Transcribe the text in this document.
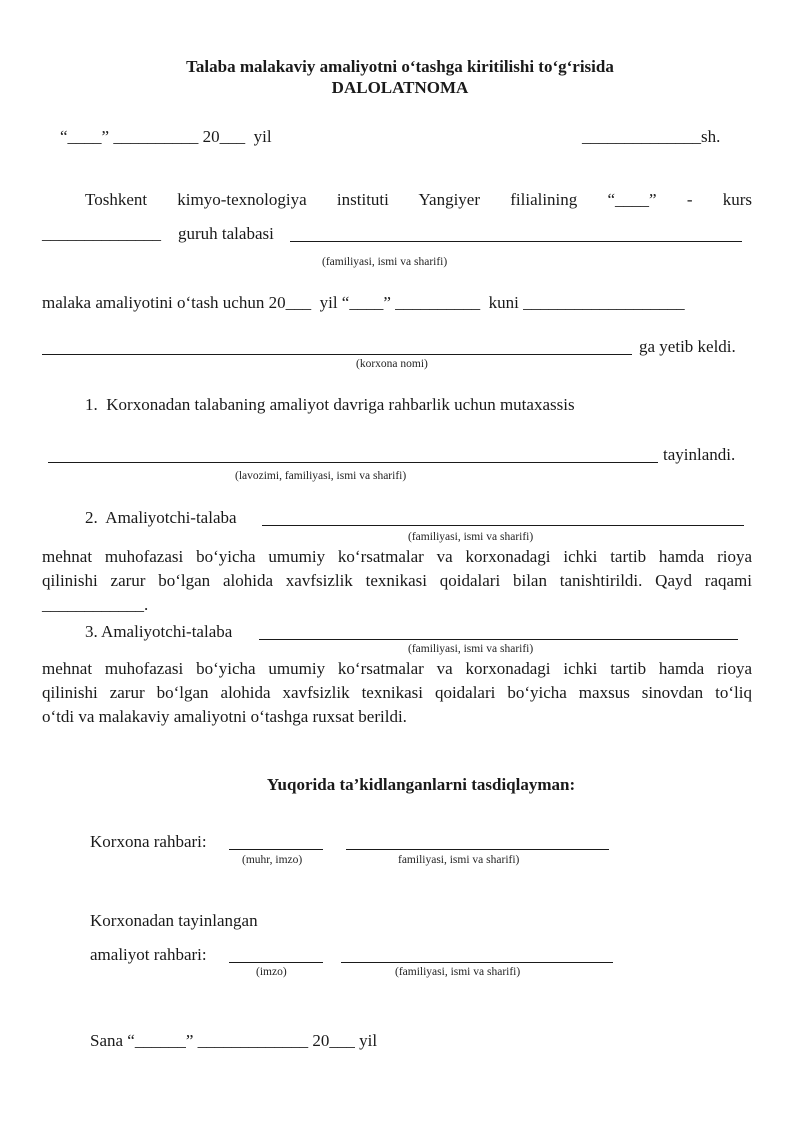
Talaba malakaviy amaliyotni o‘tashga kiritilishi to‘g‘risida
DALOLATNOMA
“____” __________ 20___  yil	______________sh.
Toshkent kimyo-texnologiya instituti Yangiyer filialining “____” - kurs
______________ guruh talabasi
(familiyasi, ismi va sharifi)
malaka amaliyotini o‘tash uchun 20___  yil “____” __________  kuni ___________________
ga yetib keldi.
(korxona nomi)
1.  Korxonadan talabaning amaliyot davriga rahbarlik uchun mutaxassis
tayinlandi.
(lavozimi, familiyasi, ismi va sharifi)
2.  Amaliyotchi-talaba
(familiyasi, ismi va sharifi)
mehnat muhofazasi bo‘yicha umumiy ko‘rsatmalar va korxonadagi ichki tartib hamda rioya
qilinishi zarur bo‘lgan alohida xavfsizlik texnikasi qoidalari bilan tanishtirildi. Qayd raqami
____________.
3. Amaliyotchi-talaba
(familiyasi, ismi va sharifi)
mehnat muhofazasi bo‘yicha umumiy ko‘rsatmalar va korxonadagi ichki tartib hamda rioya
qilinishi zarur bo‘lgan alohida xavfsizlik texnikasi qoidalari bo‘yicha maxsus sinovdan to‘liq
o‘tdi va malakaviy amaliyotni o‘tashga ruxsat berildi.
Yuqorida ta’kidlanganlarni tasdiqlayman:
Korxona rahbari:
(muhr, imzo)	familiyasi, ismi va sharifi)
Korxonadan tayinlangan
amaliyot rahbari:
(imzo)	(familiyasi, ismi va sharifi)
Sana “______” _____________ 20___ yil
